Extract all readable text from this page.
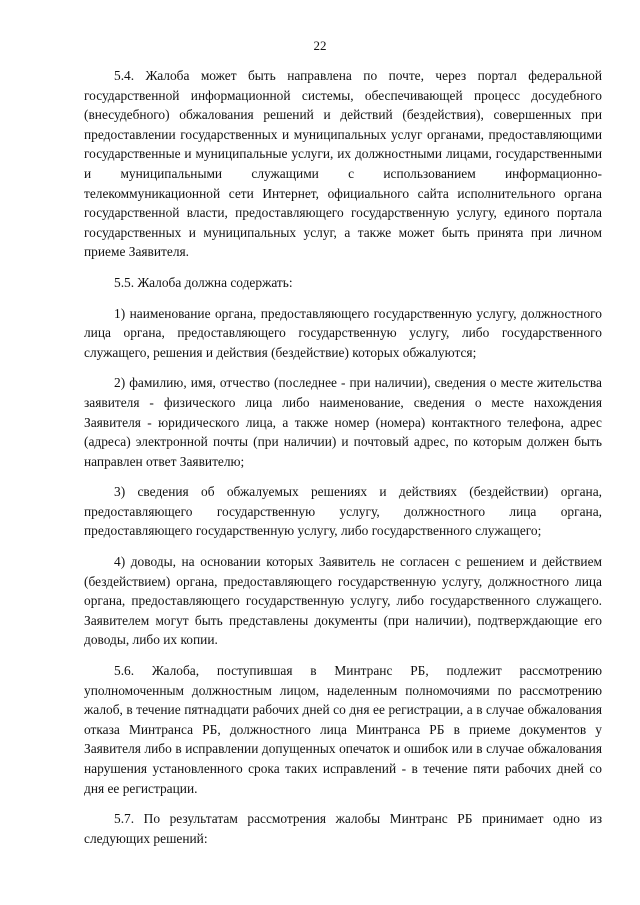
22

5.4. Жалоба может быть направлена по почте, через портал федеральной государственной информационной системы, обеспечивающей процесс досудебного (внесудебного) обжалования решений и действий (бездействия), совершенных при предоставлении государственных и муниципальных услуг органами, предоставляющими государственные и муниципальные услуги, их должностными лицами, государственными и муниципальными служащими с использованием информационно-телекоммуникационной сети Интернет, официального сайта исполнительного органа государственной власти, предоставляющего государственную услугу, единого портала государственных и муниципальных услуг, а также может быть принята при личном приеме Заявителя.

5.5. Жалоба должна содержать:

1) наименование органа, предоставляющего государственную услугу, должностного лица органа, предоставляющего государственную услугу, либо государственного служащего, решения и действия (бездействие) которых обжалуются;

2) фамилию, имя, отчество (последнее - при наличии), сведения о месте жительства заявителя - физического лица либо наименование, сведения о месте нахождения Заявителя - юридического лица, а также номер (номера) контактного телефона, адрес (адреса) электронной почты (при наличии) и почтовый адрес, по которым должен быть направлен ответ Заявителю;

3) сведения об обжалуемых решениях и действиях (бездействии) органа, предоставляющего государственную услугу, должностного лица органа, предоставляющего государственную услугу, либо государственного служащего;

4) доводы, на основании которых Заявитель не согласен с решением и действием (бездействием) органа, предоставляющего государственную услугу, должностного лица органа, предоставляющего государственную услугу, либо государственного служащего. Заявителем могут быть представлены документы (при наличии), подтверждающие его доводы, либо их копии.

5.6. Жалоба, поступившая в Минтранс РБ, подлежит рассмотрению уполномоченным должностным лицом, наделенным полномочиями по рассмотрению жалоб, в течение пятнадцати рабочих дней со дня ее регистрации, а в случае обжалования отказа Минтранса РБ, должностного лица Минтранса РБ в приеме документов у Заявителя либо в исправлении допущенных опечаток и ошибок или в случае обжалования нарушения установленного срока таких исправлений - в течение пяти рабочих дней со дня ее регистрации.

5.7. По результатам рассмотрения жалобы Минтранс РБ принимает одно из следующих решений:
